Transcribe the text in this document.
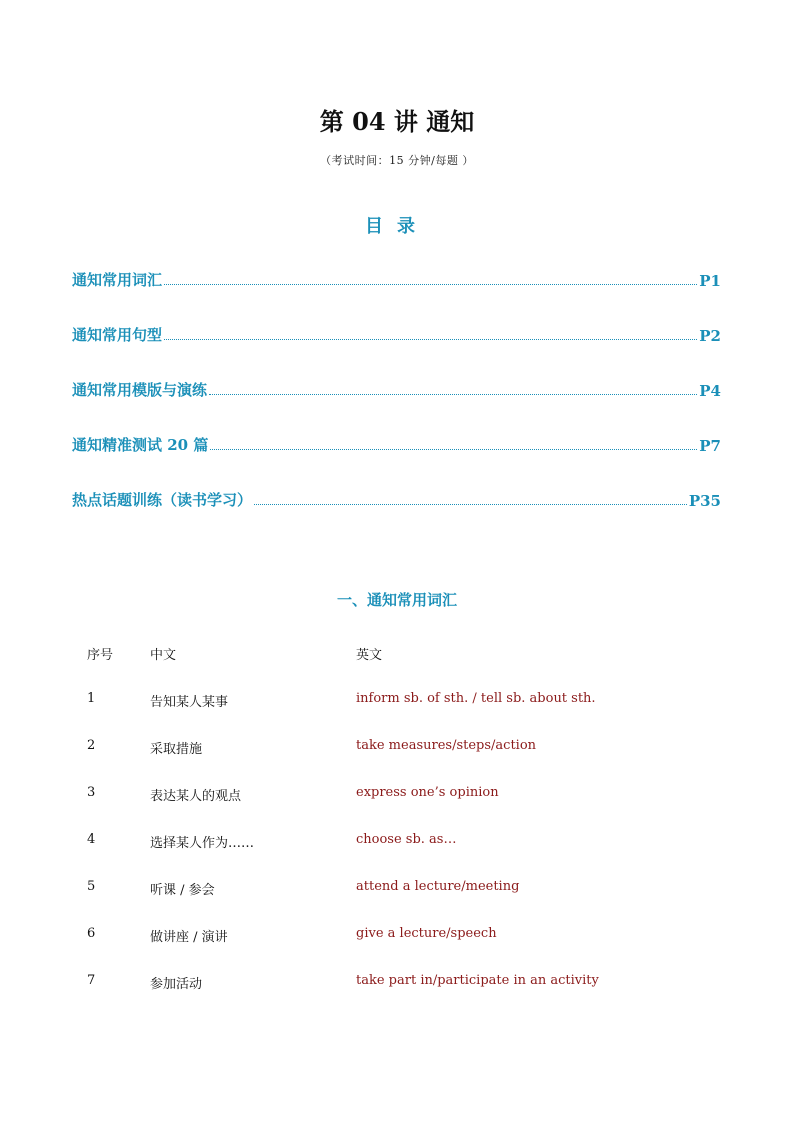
第 04 讲 通知
（考试时间：15 分钟/每题 ）
目录
通知常用词汇	P1
通知常用句型	P2
通知常用模版与演练	P4
通知精准测试 20 篇	P7
热点话题训练（读书学习）	P35
一、通知常用词汇
序号	中文	英文
1	告知某人某事	inform sb. of sth. / tell sb. about sth.
2	采取措施	take measures/steps/action
3	表达某人的观点	express one’s opinion
4	选择某人作为……	choose sb. as…
5	听课 / 参会	attend a lecture/meeting
6	做讲座 / 演讲	give a lecture/speech
7	参加活动	take part in/participate in an activity
